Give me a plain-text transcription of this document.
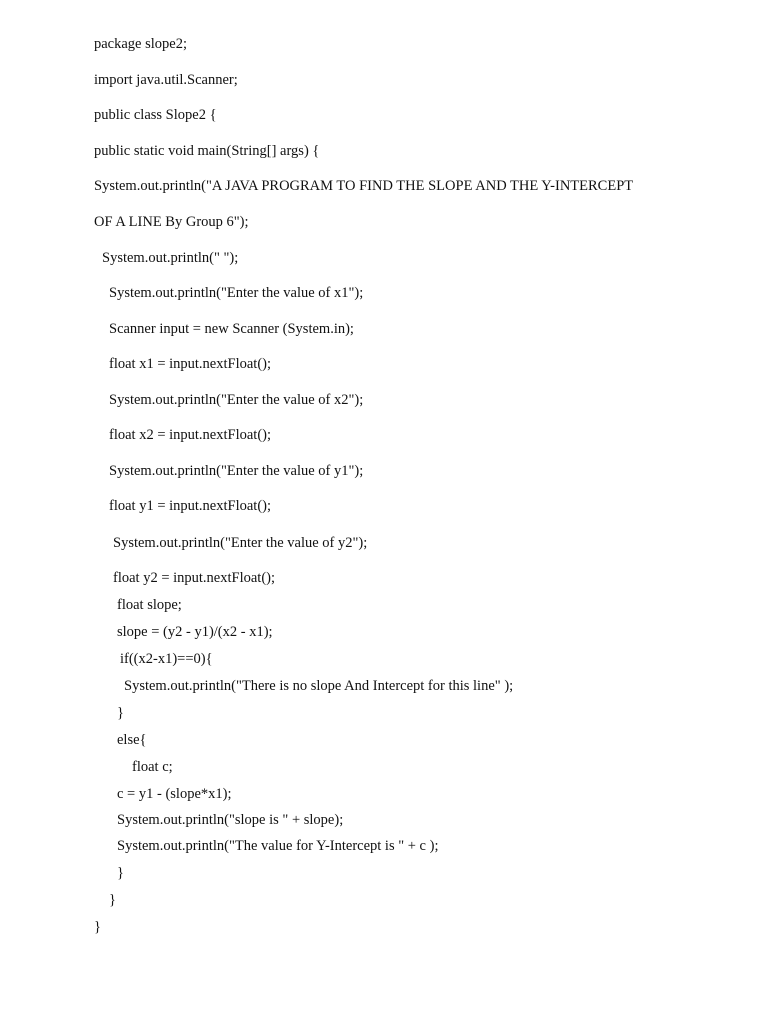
package slope2;
import java.util.Scanner;
public class Slope2 {
public static void main(String[] args) {
System.out.println("A JAVA PROGRAM TO FIND THE SLOPE AND THE Y-INTERCEPT
OF A LINE By Group 6");
System.out.println(" ");
System.out.println("Enter the value of x1");
Scanner input = new Scanner (System.in);
float x1 = input.nextFloat();
System.out.println("Enter the value of x2");
float x2 = input.nextFloat();
System.out.println("Enter the value of y1");
float y1 = input.nextFloat();
System.out.println("Enter the value of y2");
float y2 = input.nextFloat();
float slope;
slope = (y2 - y1)/(x2 - x1);
if((x2-x1)==0){
System.out.println("There is no slope And Intercept for this line" );
}
else{
float c;
c = y1 - (slope*x1);
System.out.println("slope is " + slope);
System.out.println("The value for Y-Intercept is " + c );
}
}
}
